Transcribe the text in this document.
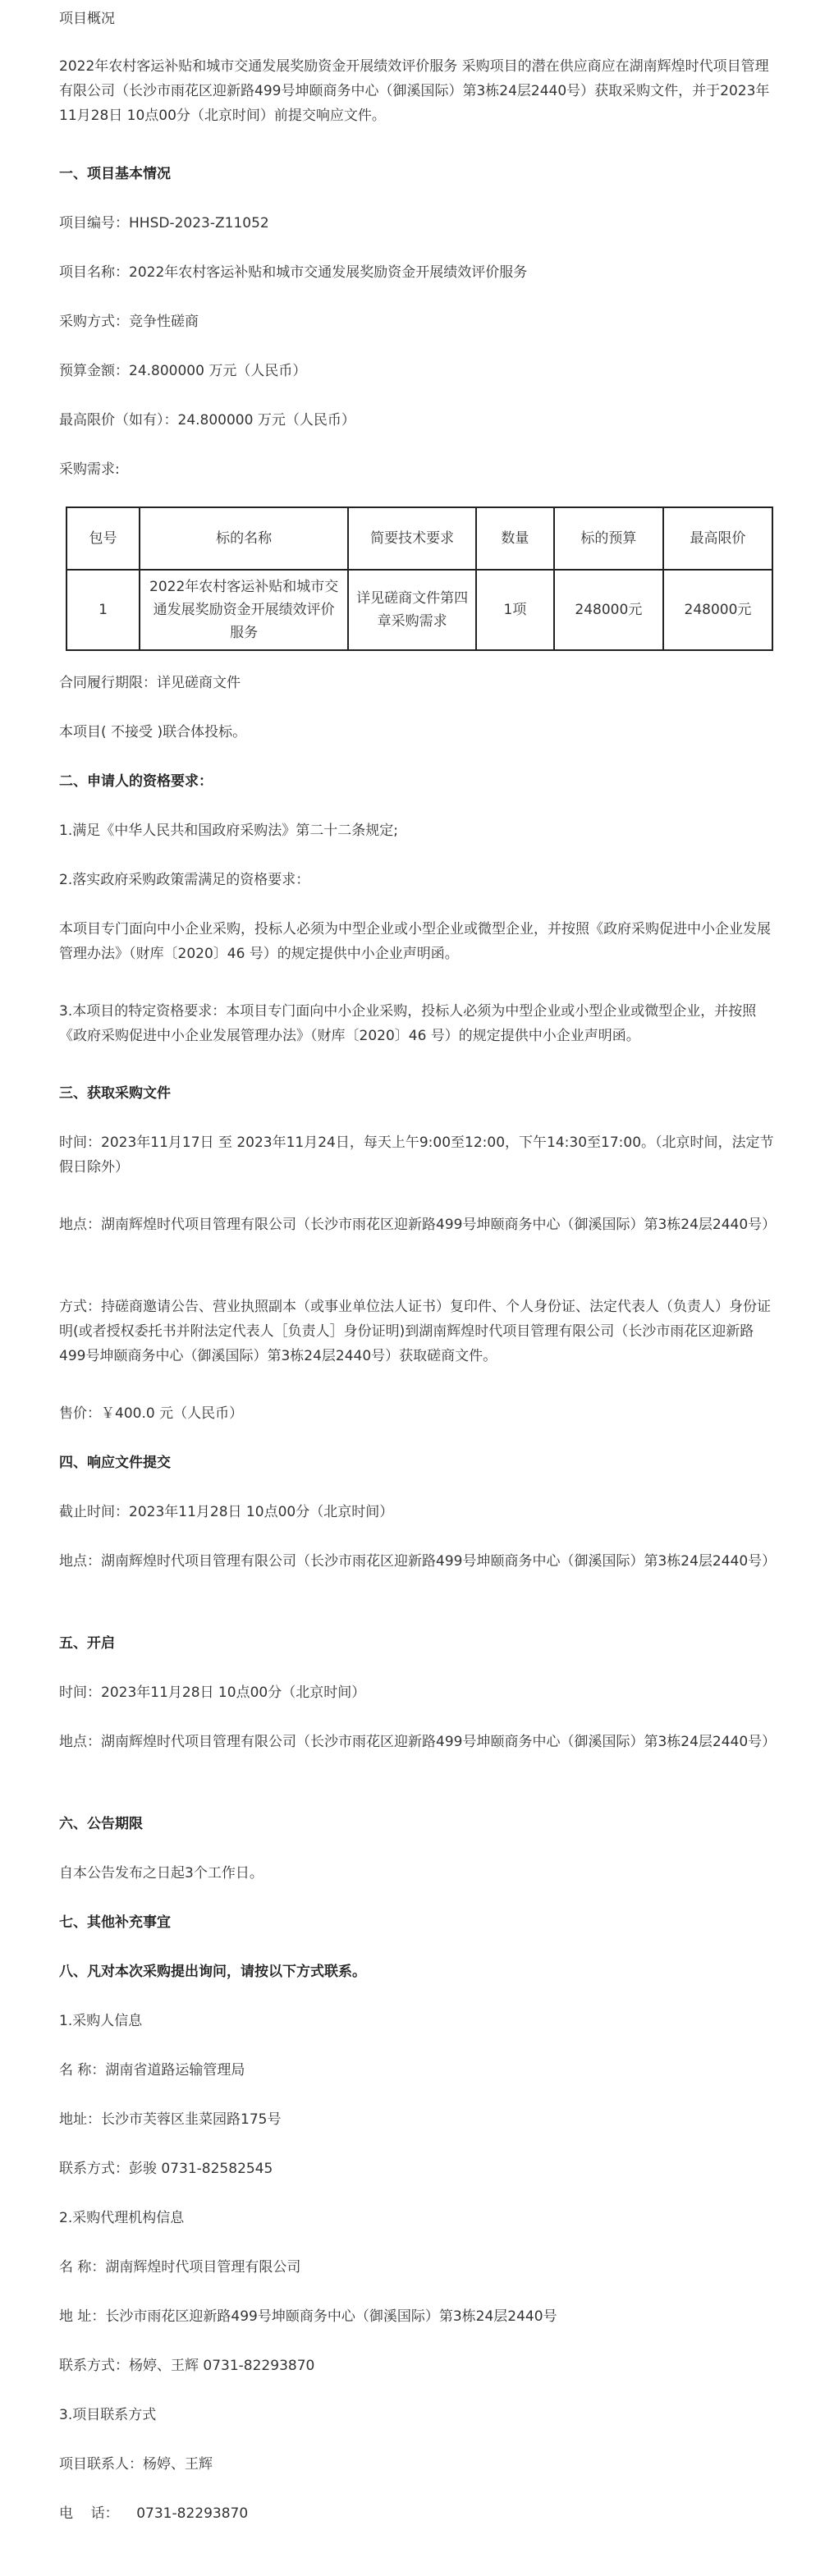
项目概况
2022年农村客运补贴和城市交通发展奖励资金开展绩效评价服务 采购项目的潜在供应商应在湖南辉煌时代项目管理有限公司（长沙市雨花区迎新路499号坤颐商务中心（御溪国际）第3栋24层2440号）获取采购文件，并于2023年11月28日 10点00分（北京时间）前提交响应文件。
一、项目基本情况
项目编号：HHSD-2023-Z11052
项目名称：2022年农村客运补贴和城市交通发展奖励资金开展绩效评价服务
采购方式：竞争性磋商
预算金额：24.800000 万元（人民币）
最高限价（如有）：24.800000 万元（人民币）
采购需求:
包号	标的名称	简要技术要求	数量	标的预算	最高限价
1	2022年农村客运补贴和城市交通发展奖励资金开展绩效评价服务	详见磋商文件第四章采购需求	1项	248000元	248000元
合同履行期限：详见磋商文件
本项目( 不接受 )联合体投标。
二、申请人的资格要求：
1.满足《中华人民共和国政府采购法》第二十二条规定;
2.落实政府采购政策需满足的资格要求：
本项目专门面向中小企业采购，投标人必须为中型企业或小型企业或微型企业，并按照《政府采购促进中小企业发展管理办法》（财库〔2020〕46 号）的规定提供中小企业声明函。
3.本项目的特定资格要求：本项目专门面向中小企业采购，投标人必须为中型企业或小型企业或微型企业，并按照《政府采购促进中小企业发展管理办法》（财库〔2020〕46 号）的规定提供中小企业声明函。
三、获取采购文件
时间：2023年11月17日 至 2023年11月24日，每天上午9:00至12:00，下午14:30至17:00。（北京时间，法定节假日除外）
地点：湖南辉煌时代项目管理有限公司（长沙市雨花区迎新路499号坤颐商务中心（御溪国际）第3栋24层2440号）
方式：持磋商邀请公告、营业执照副本（或事业单位法人证书）复印件、个人身份证、法定代表人（负责人）身份证明(或者授权委托书并附法定代表人［负责人］身份证明)到湖南辉煌时代项目管理有限公司（长沙市雨花区迎新路499号坤颐商务中心（御溪国际）第3栋24层2440号）获取磋商文件。
售价：￥400.0 元（人民币）
四、响应文件提交
截止时间：2023年11月28日 10点00分（北京时间）
地点：湖南辉煌时代项目管理有限公司（长沙市雨花区迎新路499号坤颐商务中心（御溪国际）第3栋24层2440号）
五、开启
时间：2023年11月28日 10点00分（北京时间）
地点：湖南辉煌时代项目管理有限公司（长沙市雨花区迎新路499号坤颐商务中心（御溪国际）第3栋24层2440号）
六、公告期限
自本公告发布之日起3个工作日。
七、其他补充事宜
八、凡对本次采购提出询问，请按以下方式联系。
1.采购人信息
名 称：湖南省道路运输管理局
地址：长沙市芙蓉区韭菜园路175号
联系方式：彭骏 0731-82582545
2.采购代理机构信息
名 称：湖南辉煌时代项目管理有限公司
地 址：长沙市雨花区迎新路499号坤颐商务中心（御溪国际）第3栋24层2440号
联系方式：杨婷、王辉 0731-82293870
3.项目联系方式
项目联系人：杨婷、王辉
电    话：    0731-82293870
